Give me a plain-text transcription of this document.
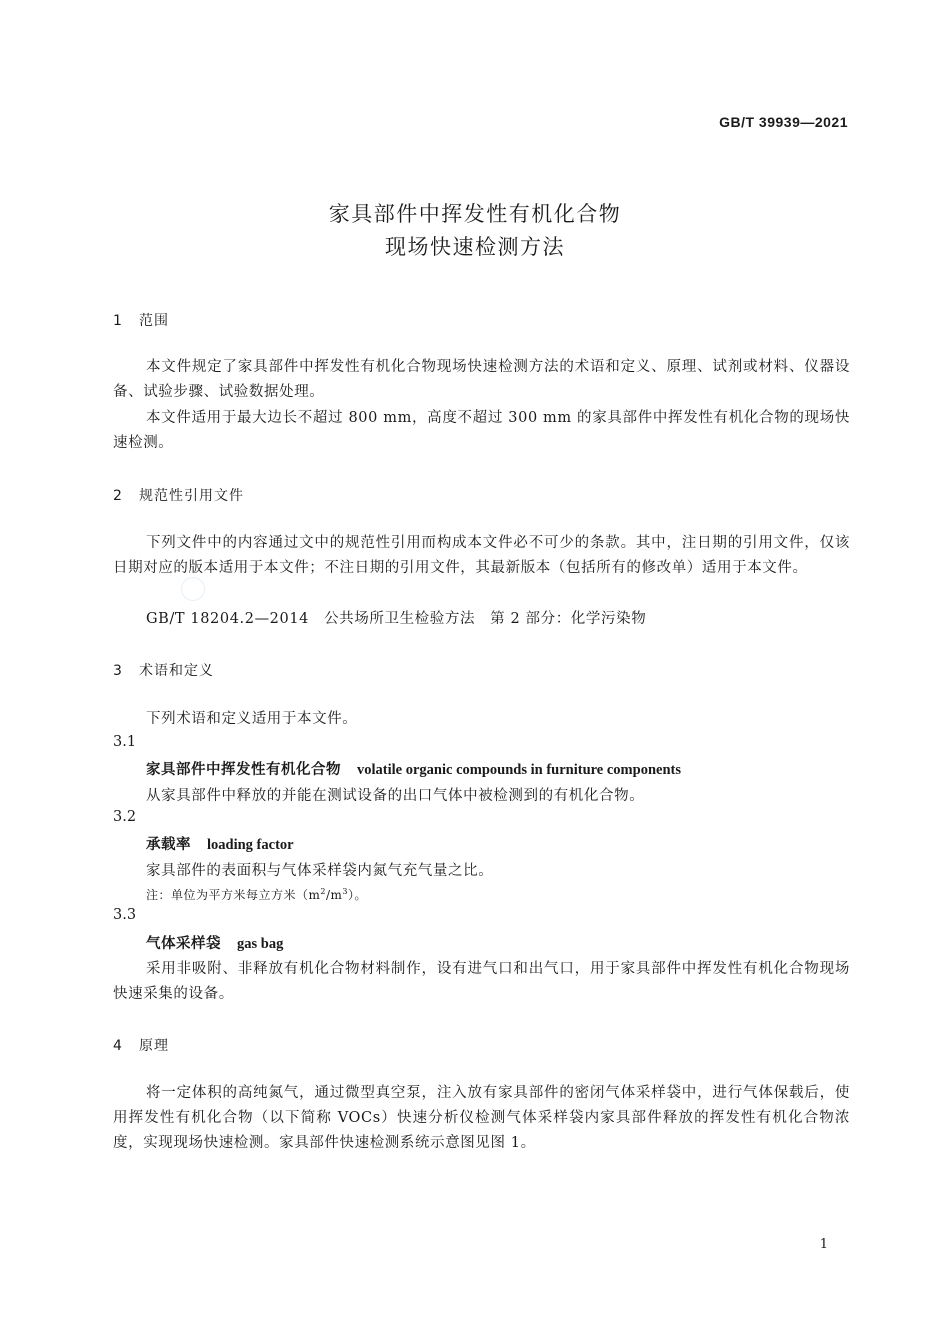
GB/T 39939—2021
家具部件中挥发性有机化合物
现场快速检测方法
1 范围
本文件规定了家具部件中挥发性有机化合物现场快速检测方法的术语和定义、原理、试剂或材料、仪器设备、试验步骤、试验数据处理。
本文件适用于最大边长不超过 800 mm，高度不超过 300 mm 的家具部件中挥发性有机化合物的现场快速检测。
2 规范性引用文件
下列文件中的内容通过文中的规范性引用而构成本文件必不可少的条款。其中，注日期的引用文件，仅该日期对应的版本适用于本文件；不注日期的引用文件，其最新版本（包括所有的修改单）适用于本文件。
GB/T 18204.2—2014　公共场所卫生检验方法　第 2 部分：化学污染物
3 术语和定义
下列术语和定义适用于本文件。
3.1
家具部件中挥发性有机化合物 volatile organic compounds in furniture components
从家具部件中释放的并能在测试设备的出口气体中被检测到的有机化合物。
3.2
承载率 loading factor
家具部件的表面积与气体采样袋内氮气充气量之比。
注：单位为平方米每立方米$(m^2/m^3)$。
3.3
气体采样袋 gas bag
采用非吸附、非释放有机化合物材料制作，设有进气口和出气口，用于家具部件中挥发性有机化合物现场快速采集的设备。
4 原理
将一定体积的高纯氮气，通过微型真空泵，注入放有家具部件的密闭气体采样袋中，进行气体保载后，使用挥发性有机化合物（以下简称 VOCs）快速分析仪检测气体采样袋内家具部件释放的挥发性有机化合物浓度，实现现场快速检测。家具部件快速检测系统示意图见图 1。
1
